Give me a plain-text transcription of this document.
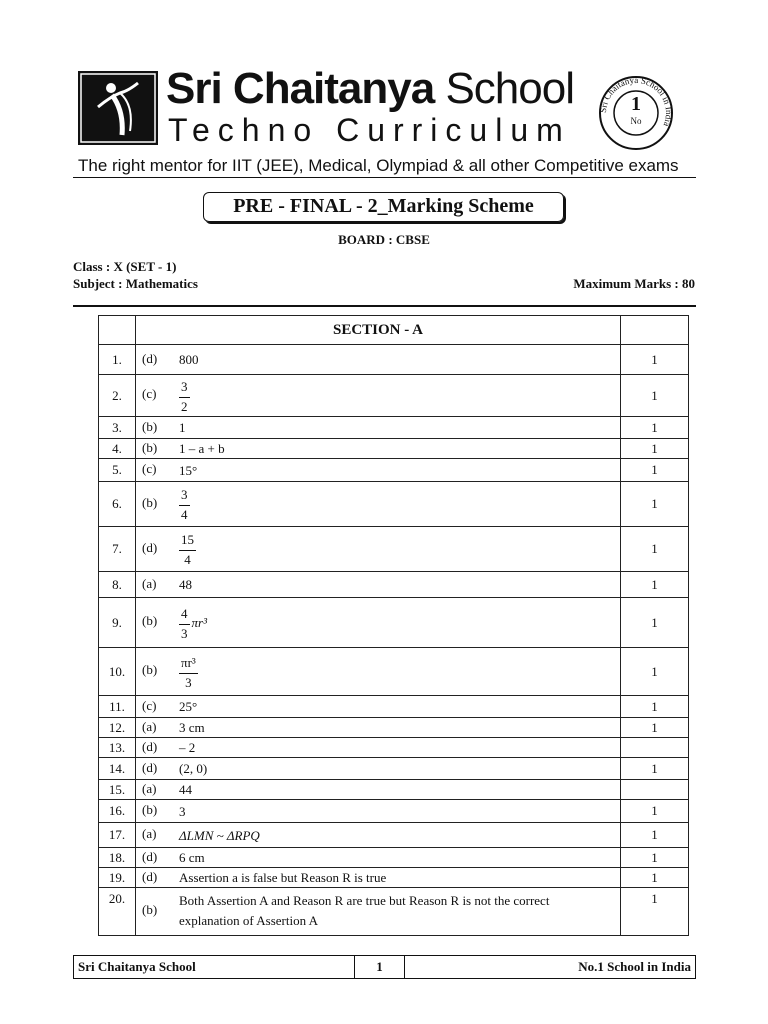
Sri Chaitanya School
Techno Curriculum
Sri Chaitanya School in India
1
No
The right mentor for IIT (JEE), Medical, Olympiad & all other Competitive exams
PRE - FINAL - 2_Marking Scheme
BOARD : CBSE
Class : X (SET - 1)
Subject : Mathematics	Maximum Marks : 80
	SECTION - A	
1.	(d) 800	1
2.	$(c) \frac{3}{2}$	1
3.	(b) 1	1
4.	(b) 1 – a + b	1
5.	(c) 15°	1
6.	$(b) \frac{3}{4}$	1
7.	$(d) \frac{15}{4}$	1
8.	(a) 48	1
9.	$(b) \frac{4}{3} \pi r^3$	1
10.	$(b) \frac{\text{πr³}}{3}$	1
11.	(c) 25°	1
12.	(a) 3 cm	1
13.	(d) – 2	
14.	(d) (2, 0)	1
15.	(a) 44	
16.	(b) 3	1
17.	(a) ΔLMN ~ ΔRPQ	1
18.	(d) 6 cm	1
19.	(d) Assertion a is false but Reason R is true	1
20.	(b)Both Assertion A and Reason R are true but Reason R is not the correct explanation of Assertion A	1
Sri Chaitanya School	1	No.1 School in India
